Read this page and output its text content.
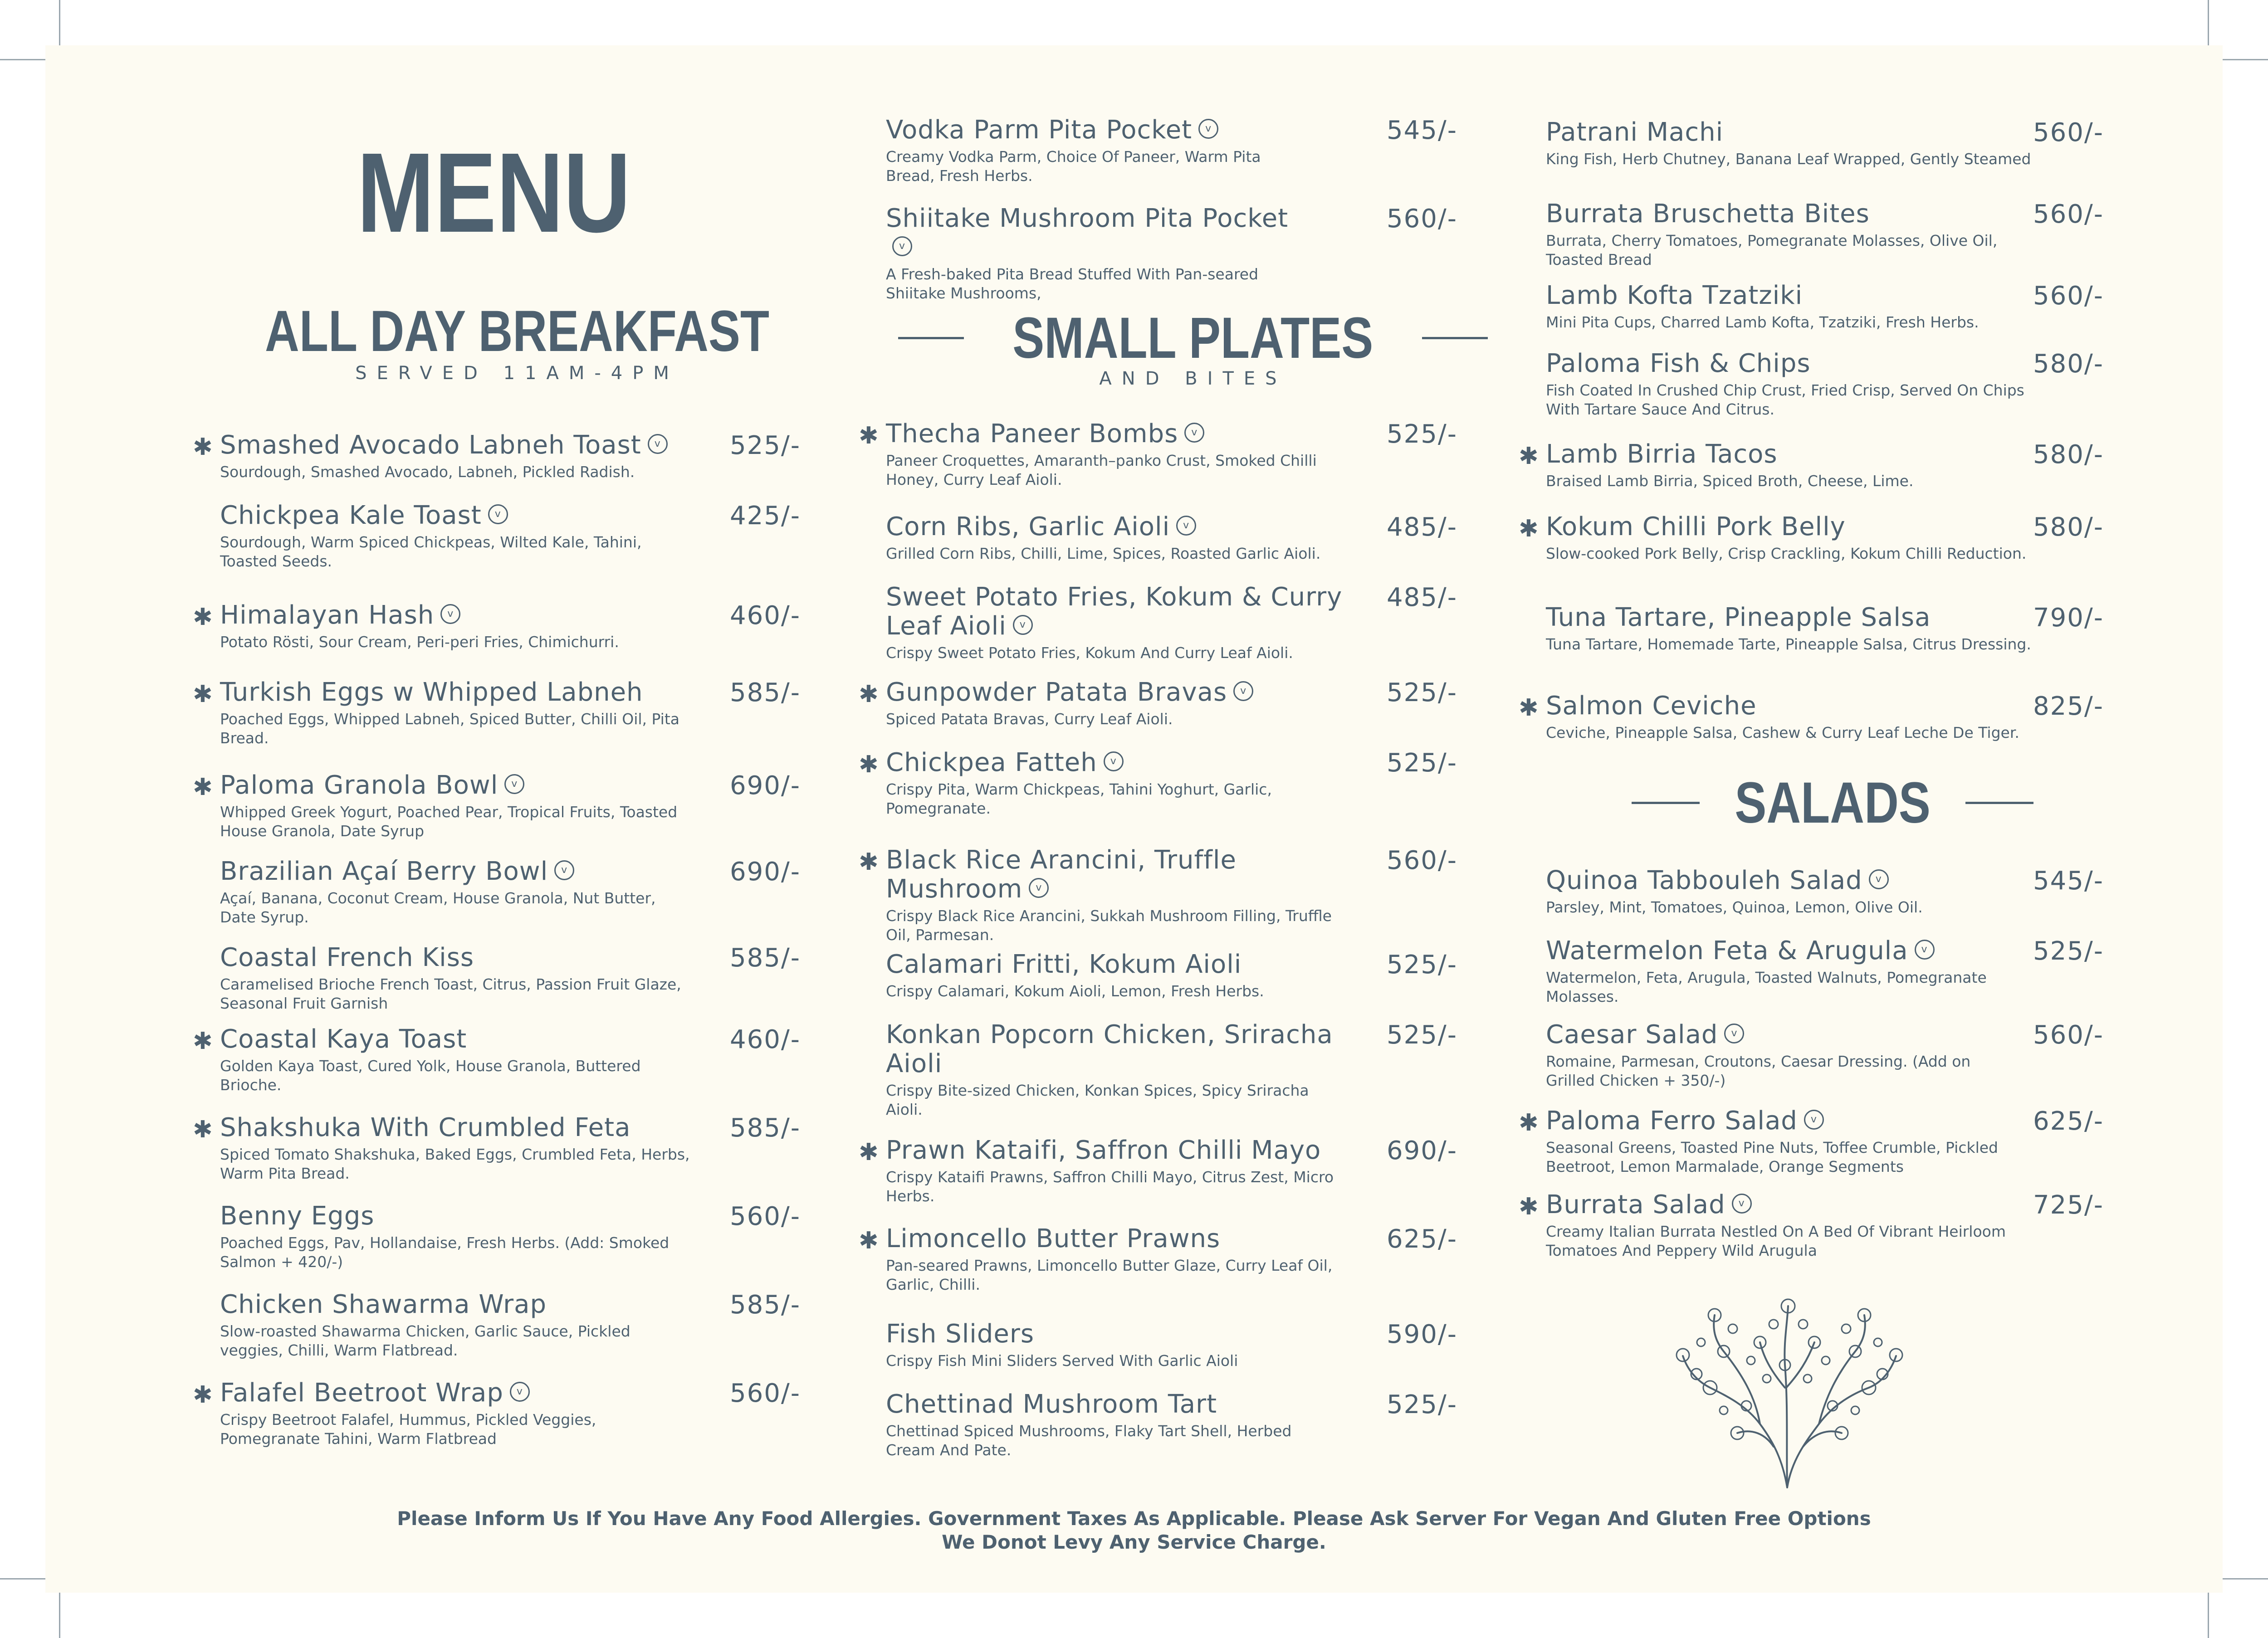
MENU
ALL DAY BREAKFAST
SERVED 11AM-4PM
✱ Smashed Avocado Labneh Toast v
Sourdough, Smashed Avocado, Labneh, Pickled Radish.
525/-
Chickpea Kale Toast v
Sourdough, Warm Spiced Chickpeas, Wilted Kale, Tahini, Toasted Seeds.
425/-
✱ Himalayan Hash v
Potato Rösti, Sour Cream, Peri-peri Fries, Chimichurri.
460/-
✱ Turkish Eggs w Whipped Labneh
Poached Eggs, Whipped Labneh, Spiced Butter, Chilli Oil, Pita Bread.
585/-
✱ Paloma Granola Bowl v
Whipped Greek Yogurt, Poached Pear, Tropical Fruits, Toasted House Granola, Date Syrup
690/-
Brazilian Açaí Berry Bowl v
Açaí, Banana, Coconut Cream, House Granola, Nut Butter, Date Syrup.
690/-
Coastal French Kiss
Caramelised Brioche French Toast, Citrus, Passion Fruit Glaze, Seasonal Fruit Garnish
585/-
✱ Coastal Kaya Toast
Golden Kaya Toast, Cured Yolk, House Granola, Buttered Brioche.
460/-
✱ Shakshuka With Crumbled Feta
Spiced Tomato Shakshuka, Baked Eggs, Crumbled Feta, Herbs, Warm Pita Bread.
585/-
Benny Eggs
Poached Eggs, Pav, Hollandaise, Fresh Herbs. (Add: Smoked Salmon + 420/-)
560/-
Chicken Shawarma Wrap
Slow-roasted Shawarma Chicken, Garlic Sauce, Pickled veggies, Chilli, Warm Flatbread.
585/-
✱ Falafel Beetroot Wrap v
Crispy Beetroot Falafel, Hummus, Pickled Veggies, Pomegranate Tahini, Warm Flatbread
560/-
Vodka Parm Pita Pocket v
Creamy Vodka Parm, Choice Of Paneer, Warm Pita Bread, Fresh Herbs.
545/-
Shiitake Mushroom Pita Pocketv
A Fresh-baked Pita Bread Stuffed With Pan-seared Shiitake Mushrooms,
560/-
SMALL PLATES
AND BITES
✱ Thecha Paneer Bombs v
Paneer Croquettes, Amaranth–panko Crust, Smoked Chilli Honey, Curry Leaf Aioli.
525/-
Corn Ribs, Garlic Aioli v
Grilled Corn Ribs, Chilli, Lime, Spices, Roasted Garlic Aioli.
485/-
Sweet Potato Fries, Kokum & Curry Leaf Aioli v
Crispy Sweet Potato Fries, Kokum And Curry Leaf Aioli.
485/-
✱ Gunpowder Patata Bravas v
Spiced Patata Bravas, Curry Leaf Aioli.
525/-
✱ Chickpea Fatteh v
Crispy Pita, Warm Chickpeas, Tahini Yoghurt, Garlic, Pomegranate.
525/-
✱ Black Rice Arancini, Truffle Mushroom v
Crispy Black Rice Arancini, Sukkah Mushroom Filling, Truffle Oil, Parmesan.
560/-
Calamari Fritti, Kokum Aioli
Crispy Calamari, Kokum Aioli, Lemon, Fresh Herbs.
525/-
Konkan Popcorn Chicken, Sriracha Aioli
Crispy Bite-sized Chicken, Konkan Spices, Spicy Sriracha Aioli.
525/-
✱ Prawn Kataifi, Saffron Chilli Mayo
Crispy Kataifi Prawns, Saffron Chilli Mayo, Citrus Zest, Micro Herbs.
690/-
✱ Limoncello Butter Prawns
Pan-seared Prawns, Limoncello Butter Glaze, Curry Leaf Oil, Garlic, Chilli.
625/-
Fish Sliders
Crispy Fish Mini Sliders Served With Garlic Aioli
590/-
Chettinad Mushroom Tart
Chettinad Spiced Mushrooms, Flaky Tart Shell, Herbed Cream And Pate.
525/-
Patrani Machi
King Fish, Herb Chutney, Banana Leaf Wrapped, Gently Steamed
560/-
Burrata Bruschetta Bites
Burrata, Cherry Tomatoes, Pomegranate Molasses, Olive Oil, Toasted Bread
560/-
Lamb Kofta Tzatziki
Mini Pita Cups, Charred Lamb Kofta, Tzatziki, Fresh Herbs.
560/-
Paloma Fish & Chips
Fish Coated In Crushed Chip Crust, Fried Crisp, Served On Chips With Tartare Sauce And Citrus.
580/-
✱ Lamb Birria Tacos
Braised Lamb Birria, Spiced Broth, Cheese, Lime.
580/-
✱ Kokum Chilli Pork Belly
Slow-cooked Pork Belly, Crisp Crackling, Kokum Chilli Reduction.
580/-
Tuna Tartare, Pineapple Salsa
Tuna Tartare, Homemade Tarte, Pineapple Salsa, Citrus Dressing.
790/-
✱ Salmon Ceviche
Ceviche, Pineapple Salsa, Cashew & Curry Leaf Leche De Tiger.
825/-
SALADS
Quinoa Tabbouleh Salad v
Parsley, Mint, Tomatoes, Quinoa, Lemon, Olive Oil.
545/-
Watermelon Feta & Arugula v
Watermelon, Feta, Arugula, Toasted Walnuts, Pomegranate Molasses.
525/-
Caesar Salad v
Romaine, Parmesan, Croutons, Caesar Dressing. (Add on Grilled Chicken + 350/-)
560/-
✱ Paloma Ferro Salad v
Seasonal Greens, Toasted Pine Nuts, Toffee Crumble, Pickled Beetroot, Lemon Marmalade, Orange Segments
625/-
✱ Burrata Salad v
Creamy Italian Burrata Nestled On A Bed Of Vibrant Heirloom Tomatoes And Peppery Wild Arugula
725/-
Please Inform Us If You Have Any Food Allergies. Government Taxes As Applicable. Please Ask Server For Vegan And Gluten Free Options
We Donot Levy Any Service Charge.
